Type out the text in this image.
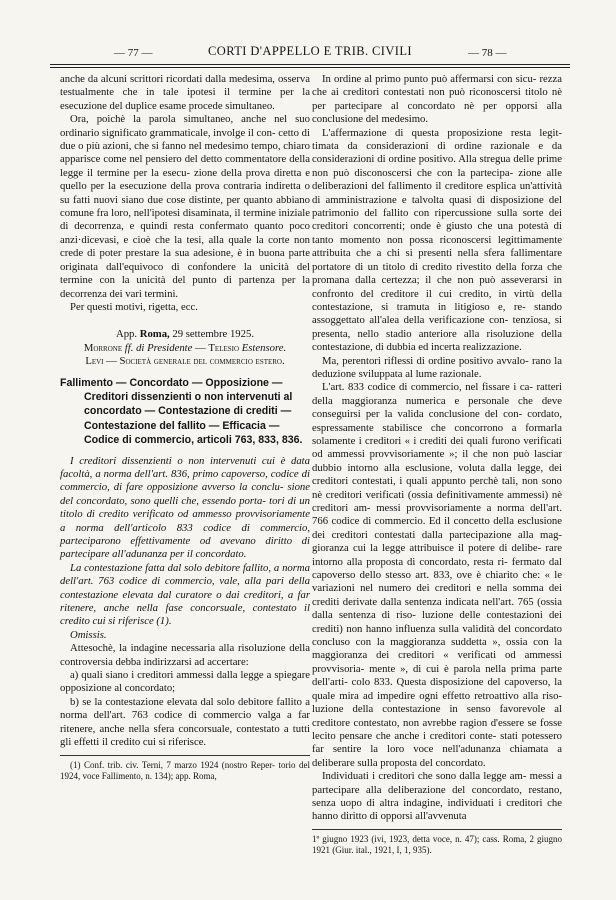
— 77 —	CORTI D'APPELLO E TRIB. CIVILI	— 78 —

anche da alcuni scrittori ricordati dalla medesima, osserva testualmente che in tale ipotesi il termine per la esecuzione del duplice esame procede simultaneo.

Ora, poichè la parola simultaneo, anche nel suo ordinario significato grammaticale, involge il con- cetto di due o più azioni, che si fanno nel medesimo tempo, chiaro apparisce come nel pensiero del detto commentatore della legge il termine per la esecu- zione della prova diretta e quello per la esecuzione della prova contraria indiretta o su fatti nuovi siano due cose distinte, per quanto abbiano comune fra loro, nell'ipotesi disaminata, il termine iniziale di decorrenza, e quindi resta confermato quanto poco anzi·dicevasi, e cioè che la tesi, alla quale la corte non crede di poter prestare la sua adesione, è in buona parte originata dall'equivoco di confondere la unicità del termine con la unicità del punto di partenza per la decorrenza dei vari termini.

Per questi motivi, rigetta, ecc.

App. Roma, 29 settembre 1925.

Morrone ff. di Presidente — Telesio Estensore.

Levi — Società generale del commercio estero.

Fallimento — Concordato — Opposizione —
Creditori dissenzienti o non intervenuti al concordato — Contestazione di crediti — Contestazione del fallito — Efficacia — Codice di commercio, articoli 763, 833, 836.

I creditori dissenzienti o non intervenuti cui è data facoltà, a norma dell'art. 836, primo capoverso, codice di commercio, di fare opposizione avverso la conclu- sione del concordato, sono quelli che, essendo porta- tori di un titolo di credito verificato od ammesso provvisoriamente a norma dell'articolo 833 codice di commercio, parteciparono effettivamente od avevano diritto di partecipare all'adunanza per il concordato.

La contestazione fatta dal solo debitore fallito, a norma dell'art. 763 codice di commercio, vale, alla pari della contestazione elevata dal curatore o dai creditori, a far ritenere, anche nella fase concorsuale, contestato il credito cui si riferisce (1).

Omissis.

Attesochè, la indagine necessaria alla risoluzione della controversia debba indirizzarsi ad accertare:

a) quali siano i creditori ammessi dalla legge a spiegare opposizione al concordato;

b) se la contestazione elevata dal solo debitore fallito a norma dell'art. 763 codice di commercio valga a far ritenere, anche nella sfera concorsuale, contestato a tutti gli effetti il credito cui si riferisce.

(1) Conf. trib. civ. Terni, 7 marzo 1924 (nostro Reper- torio del 1924, voce Fallimento, n. 134); app. Roma,

In ordine al primo punto può affermarsi con sicu- rezza che ai creditori contestati non può riconoscersi titolo nè per partecipare al concordato nè per opporsi alla conclusione del medesimo.

L'affermazione di questa proposizione resta legit- timata da considerazioni di ordine razionale e da considerazioni di ordine positivo. Alla stregua delle prime non può disconoscersi che con la partecipa- zione alle deliberazioni del fallimento il creditore esplica un'attività di amministrazione e talvolta quasi di disposizione del patrimonio del fallito con ripercussione sulla sorte dei creditori concorrenti; onde è giusto che una potestà di tanto momento non possa riconoscersi legittimamente attribuita che a chi si presenti nella sfera fallimentare portatore di un titolo di credito rivestito della forza che promana dalla certezza; il che non può asseverarsi in confronto del creditore il cui credito, in virtù della contestazione, si tramuta in litigioso e, re- stando assoggettato all'alea della verificazione con- tenziosa, si presenta, nello stadio anteriore alla risoluzione della contestazione, di dubbia ed incerta realizzazione.

Ma, perentori riflessi di ordine positivo avvalo- rano la deduzione sviluppata al lume razionale.

L'art. 833 codice di commercio, nel fissare i ca- ratteri della maggioranza numerica e personale che deve conseguirsi per la valida conclusione del con- cordato, espressamente stabilisce che concorrono a formarla solamente i creditori « i crediti dei quali furono verificati od ammessi provvisoriamente »; il che non può lasciar dubbio intorno alla esclusione, voluta dalla legge, dei creditori contestati, i quali appunto perchè tali, non sono nè creditori verificati (ossia definitivamente ammessi) nè creditori am- messi provvisoriamente a norma dell'art. 766 codice di commercio. Ed il concetto della esclusione dei creditori contestati dalla partecipazione alla mag- gioranza cui la legge attribuisce il potere di delibe- rare intorno alla proposta di concordato, resta ri- fermato dal capoverso dello stesso art. 833, ove è chiarito che: « le variazioni nel numero dei creditori e nella somma dei crediti derivate dalla sentenza indicata nell'art. 765 (ossia dalla sentenza di riso- luzione delle contestazioni dei crediti) non hanno influenza sulla validità del concordato concluso con la maggioranza suddetta », ossia con la maggioranza dei creditori « verificati od ammessi provvisoria- mente », di cui è parola nella prima parte dell'arti- colo 833. Questa disposizione del capoverso, la quale mira ad impedire ogni effetto retroattivo alla riso- luzione della contestazione in senso favorevole al creditore contestato, non avrebbe ragion d'essere se fosse lecito pensare che anche i creditori conte- stati potessero far sentire la loro voce nell'adunanza chiamata a deliberare sulla proposta del concordato.

Individuati i creditori che sono dalla legge am- messi a partecipare alla deliberazione del concordato, restano, senza uopo di altra indagine, individuati i creditori che hanno diritto di opporsi all'avvenuta

1º giugno 1923 (ivi, 1923, detta voce, n. 47); cass. Roma, 2 giugno 1921 (Giur. ital., 1921, I, 1, 935).
